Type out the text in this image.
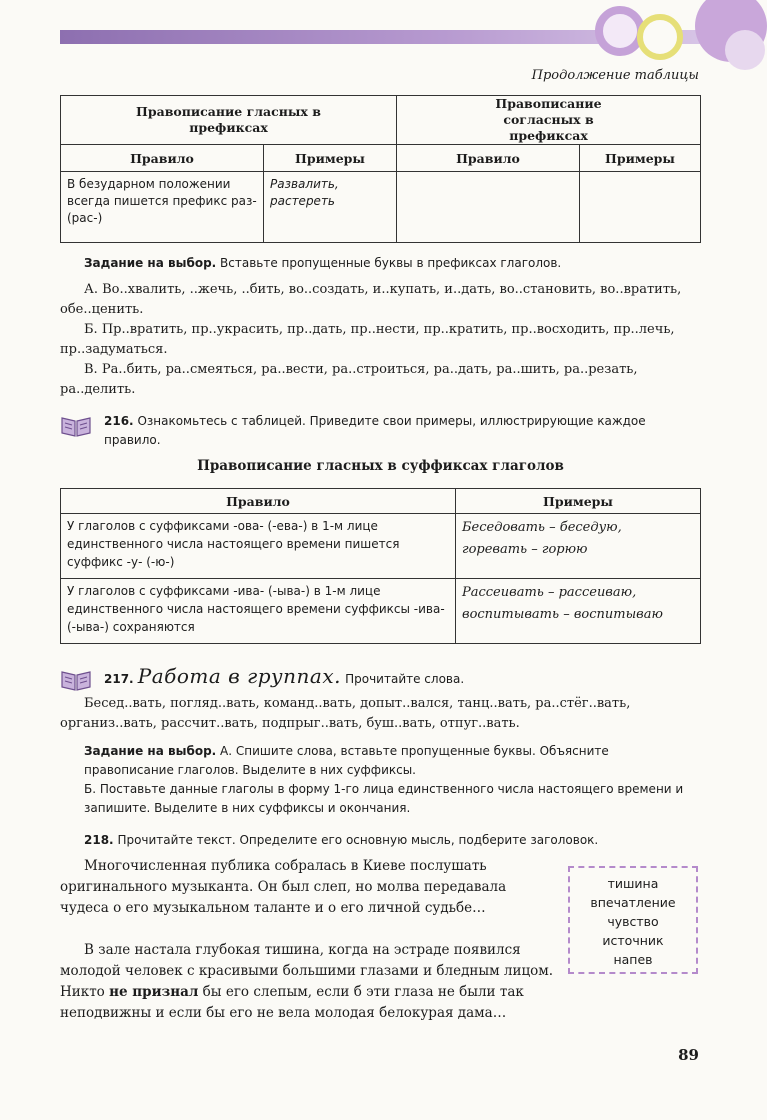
Продолжение таблицы
Правописание гласных в префиксах		Правописание согласных в префиксах	
Правило	Примеры	Правило	Примеры
В безударном положении всегда пишется префикс раз- (рас-)	Развалить,
растереть		

Задание на выбор. Вставьте пропущенные буквы в префиксах глаголов.
А. Во..хвалить, ..жечь, ..бить, во..создать, и..купать, и..дать, во..становить, во..вратить, обе..ценить.
Б. Пр..вратить, пр..украсить, пр..дать, пр..нести, пр..кратить, пр..восходить, пр..лечь, пр..задуматься.
В. Ра..бить, ра..смеяться, ра..вести, ра..строиться, ра..дать, ра..шить, ра..резать, ра..делить.
216. Ознакомьтесь с таблицей. Приведите свои примеры, иллюстрирующие каждое правило.
Правописание гласных в суффиксах глаголов
Правило	Примеры
У глаголов с суффиксами -ова- (-ева-) в 1-м лице единственного числа настоящего времени пишется суффикс -у- (-ю-)	Беседовать – беседую,
горевать – горюю

У глаголов с суффиксами -ива- (-ыва-) в 1-м лице единственного числа настоящего времени суффиксы -ива- (-ыва-) сохраняются	Рассеивать – рассеиваю,
воспитывать – воспитываю
217. Работа в группах. Прочитайте слова.
Бесед..вать, погляд..вать, команд..вать, допыт..вался, танц..вать, ра..стёг..вать, организ..вать, рассчит..вать, подпрыг..вать, буш..вать, отпуг..вать.
Задание на выбор. А. Спишите слова, вставьте пропущенные буквы. Объясните правописание глаголов. Выделите в них суффиксы.
Б. Поставьте данные глаголы в форму 1-го лица единственного числа настоящего времени и запишите. Выделите в них суффиксы и окончания.
218. Прочитайте текст. Определите его основную мысль, подберите заголовок.
Многочисленная публика собралась в Киеве послушать оригинального музыканта. Он был слеп, но молва передавала чудеса о его музыкальном таланте и о его личной судьбе…
В зале настала глубокая тишина, когда на эстраде появился молодой человек с красивыми большими глазами и бледным лицом. Никто не признал бы его слепым, если б эти глаза не были так неподвижны и если бы его не вела молодая белокурая дама…
тишина
впечатление
чувство
источник
напев
89
